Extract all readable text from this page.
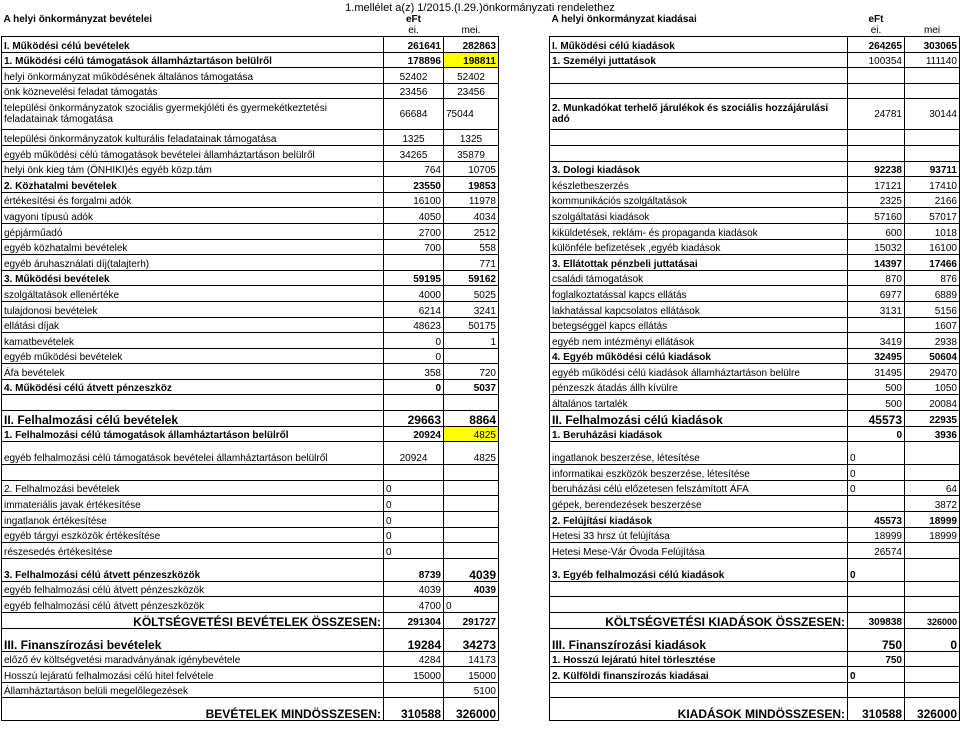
1.mellélet a(z) 1/2015.(I.29.)önkormányzati rendelethez
A helyi önkormányzat bevételei	eFt			A helyi önkormányzat kiadásai	eFt	
	ei.	mei.			ei.	mei
I. Működési célú bevételek	261641	282863		I. Működési célú kiadások	264265	303065
1. Működési célú támogatások államháztartáson belülről	178896	198811		1. Személyi juttatások	100354	111140
helyi önkormányzat működésének általános támogatása	52402	52402				
önk köznevelési feladat támogatás	23456	23456				
települési önkormányzatok szociális gyermekjóléti és gyermekétkeztetési feladatainak támogatása	66684	75044		2. Munkadókat terhelő járulékok és szociális hozzájárulási adó	24781	30144
települési önkormányzatok kulturális feladatainak támogatása	1325	1325				
egyéb működési célú támogatások bevételei államháztartáson belülről	34265	35879				
helyi önk kieg tám (ÖNHIKI)és egyéb közp.tám	764	10705		3. Dologi kiadások	92238	93711
2. Közhatalmi bevételek	23550	19853		készletbeszerzés	17121	17410
értékesítési és forgalmi adók	16100	11978		kommunikációs szolgáltatások	2325	2166
vagyoni típusú adók	4050	4034		szolgáltatási kiadások	57160	57017
gépjárműadó	2700	2512		kiküldetések, reklám- és propaganda kiadások	600	1018
egyéb közhatalmi bevételek	700	558		különféle befizetések ,egyéb kiadások	15032	16100
egyéb áruhasználati díj(talajterh)		771		3. Ellátottak pénzbeli juttatásai	14397	17466
3. Működési bevételek	59195	59162		családi támogatások	870	876
szolgáltatások ellenértéke	4000	5025		foglalkoztatással kapcs ellátás	6977	6889
tulajdonosi bevételek	6214	3241		lakhatással kapcsolatos ellátások	3131	5156
ellátási díjak	48623	50175		betegséggel kapcs ellátás		1607
kamatbevételek	0	1		egyéb nem intézményi ellátások	3419	2938
egyéb működési bevételek	0			4. Egyéb működési célú kiadások	32495	50604
Áfa bevételek	358	720		egyéb működési célú kiadások államháztartáson belülre	31495	29470
4. Működési célú átvett pénzeszköz	0	5037		pénzeszk átadás állh kívülre	500	1050
				általános tartalék	500	20084
II. Felhalmozási célú bevételek	29663	8864		II. Felhalmozási célú kiadások	45573	22935
1. Felhalmozási célú támogatások államháztartáson belülről	20924	4825		1. Beruházási kiadások	0	3936
egyéb felhalmozási célú támogatások bevételei államháztartáson belülről	20924	4825		ingatlanok beszerzése, létesítése	0	
				informatikai eszközök beszerzése, létesítése	0	
2. Felhalmozási bevételek	0			beruházási célú előzetesen felszámított ÁFA	0	64
immateriális javak értékesítése	0			gépek, berendezések beszerzése		3872
ingatlanok értékesítése	0			2. Felújítási kiadások	45573	18999
egyéb tárgyi eszközök értékesítése	0			Hetesi 33 hrsz út felújítása	18999	18999
részesedés értékesítése	0			Hetesi Mese-Vár Óvoda Felújítása	26574	
3. Felhalmozási célú átvett pénzeszközök	8739	4039		3. Egyéb felhalmozási célú kiadások	0	
egyéb felhalmozási célú átvett pénzeszközök	4039	4039				
egyéb felhalmozási célú átvett pénzeszközök	4700	0				
KÖLTSÉGVETÉSI BEVÉTELEK ÖSSZESEN:	291304	291727		KÖLTSÉGVETÉSI KIADÁSOK ÖSSZESEN:	309838	326000
III. Finanszírozási bevételek	19284	34273		III. Finanszírozási kiadások	750	0
előző év költségvetési maradványának igénybevétele	4284	14173		1. Hosszú lejáratú hitel törlesztése	750	
Hosszú lejáratú felhalmozási célú hitel felvétele	15000	15000		2. Külföldi finanszírozás kiadásai	0	
Államháztartáson belüli megelőlegezések		5100				
BEVÉTELEK MINDÖSSZESEN:	310588	326000		KIADÁSOK MINDÖSSZESEN:	310588	326000
